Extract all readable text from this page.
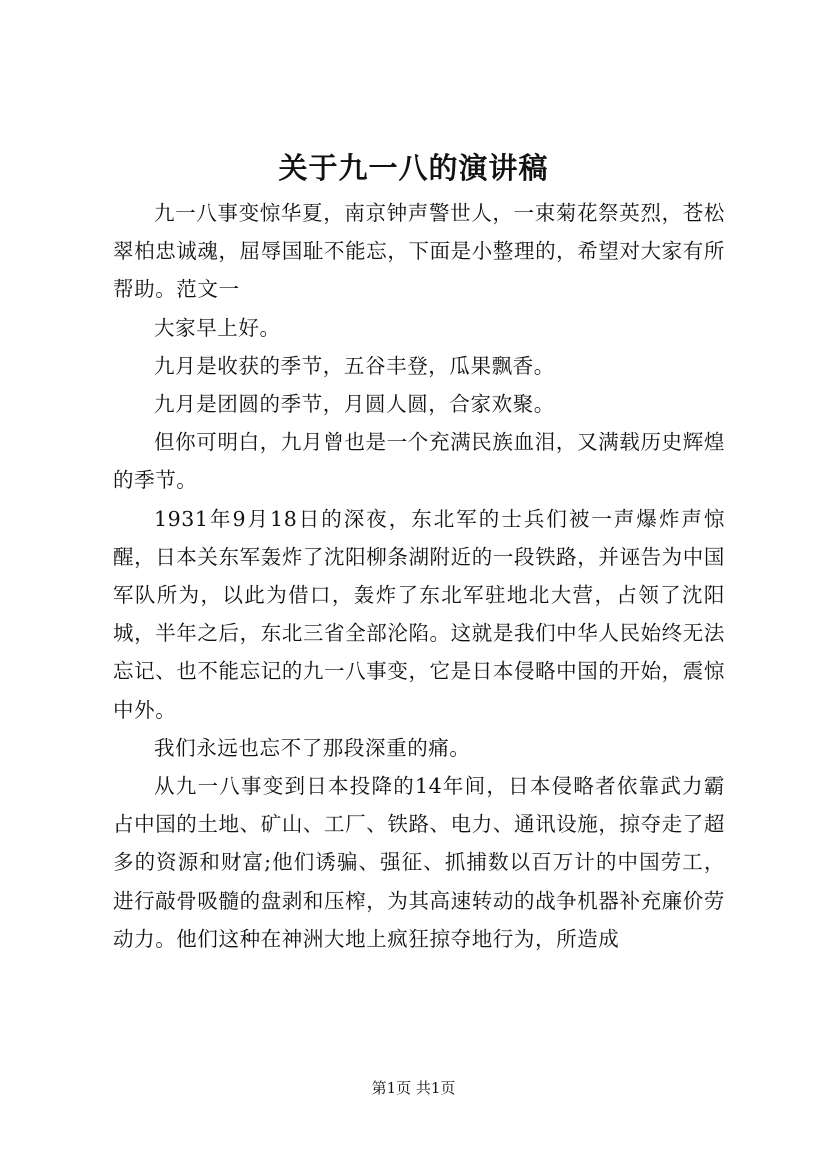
关于九一八的演讲稿

九一八事变惊华夏，南京钟声警世人，一束菊花祭英烈，苍松翠柏忠诚魂，屈辱国耻不能忘，下面是小整理的，希望对大家有所帮助。范文一

大家早上好。

九月是收获的季节，五谷丰登，瓜果飘香。

九月是团圆的季节，月圆人圆，合家欢聚。

但你可明白，九月曾也是一个充满民族血泪，又满载历史辉煌的季节。

1931年9月18日的深夜，东北军的士兵们被一声爆炸声惊醒，日本关东军轰炸了沈阳柳条湖附近的一段铁路，并诬告为中国军队所为，以此为借口，轰炸了东北军驻地北大营，占领了沈阳城，半年之后，东北三省全部沦陷。这就是我们中华人民始终无法忘记、也不能忘记的九一八事变，它是日本侵略中国的开始，震惊中外。

我们永远也忘不了那段深重的痛。

从九一八事变到日本投降的14年间，日本侵略者依靠武力霸占中国的土地、矿山、工厂、铁路、电力、通讯设施，掠夺走了超多的资源和财富;他们诱骗、强征、抓捕数以百万计的中国劳工，进行敲骨吸髓的盘剥和压榨，为其高速转动的战争机器补充廉价劳动力。他们这种在神洲大地上疯狂掠夺地行为，所造成

第1页 共1页
